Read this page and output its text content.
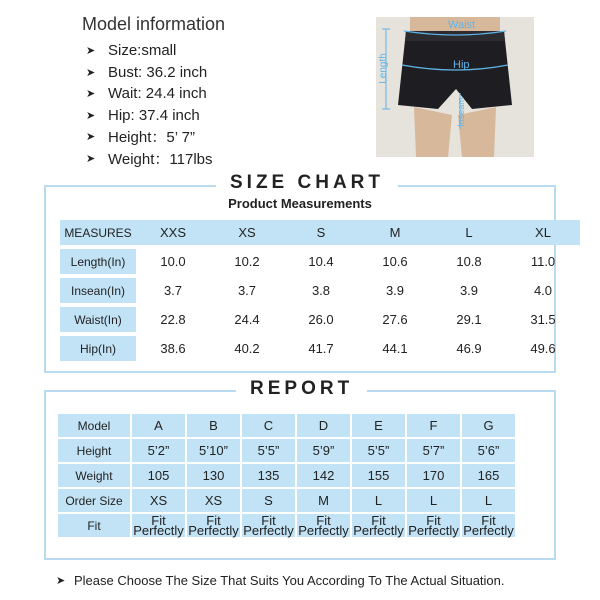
Model information
➤ Size:small
➤ Bust: 36.2 inch
➤ Wait: 24.4 inch
➤ Hip: 37.4 inch
➤ Height：5’ 7”
➤ Weight：117lbs
Waist
Hip
Length
Inseam
SIZE CHART
Product Measurements
MEASURES	XXS	XS	S	M	L	XL
Length(In)	10.0	10.2	10.4	10.6	10.8	11.0
Insean(In)	3.7	3.7	3.8	3.9	3.9	4.0
Waist(In)	22.8	24.4	26.0	27.6	29.1	31.5
Hip(In)	38.6	40.2	41.7	44.1	46.9	49.6
REPORT
Model	A	B	C	D	E	F	G
Height	5’2”	5’10”	5’5”	5’9”	5’5”	5’7”	5’6”
Weight	105	130	135	142	155	170	165
Order Size	XS	XS	S	M	L	L	L
Fit	Fit Perfectly	Fit Perfectly	Fit Perfectly	Fit Perfectly	Fit Perfectly	Fit Perfectly	Fit Perfectly
➤ Please Choose The Size That Suits You According To The Actual Situation.
